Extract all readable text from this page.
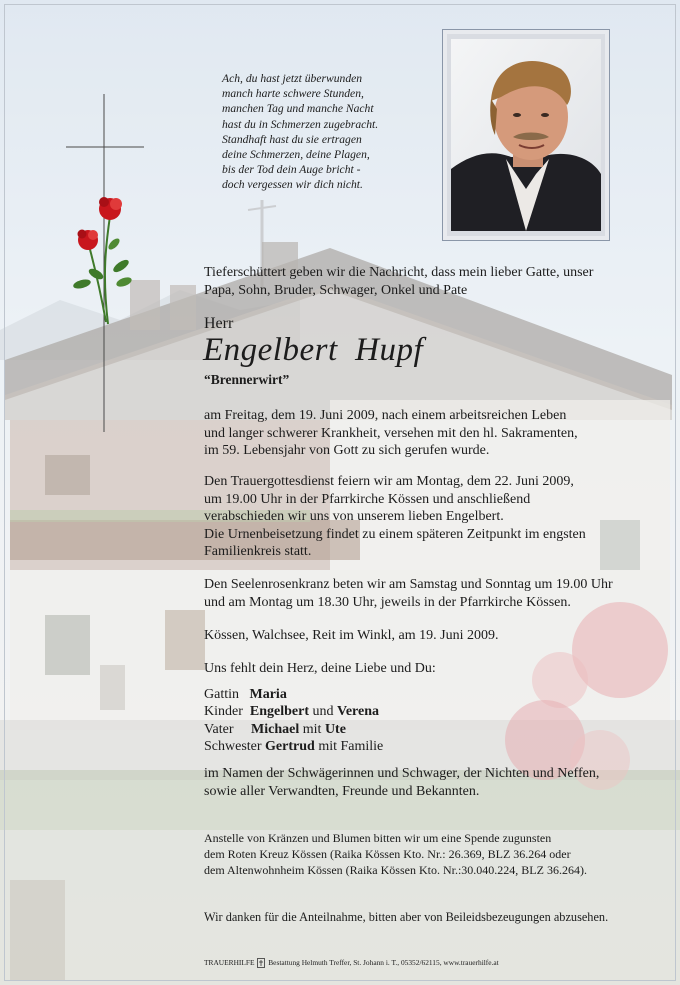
Ach, du hast jetzt überwunden
manch harte schwere Stunden,
manchen Tag und manche Nacht
hast du in Schmerzen zugebracht.
Standhaft hast du sie ertragen
deine Schmerzen, deine Plagen,
bis der Tod dein Auge bricht -
doch vergessen wir dich nicht.
Tieferschüttert geben wir die Nachricht, dass mein lieber Gatte, unser
Papa, Sohn, Bruder, Schwager, Onkel und Pate
Herr
Engelbert  Hupf
“Brennerwirt”
am Freitag, dem 19. Juni 2009, nach einem arbeitsreichen Leben
und langer schwerer Krankheit, versehen mit den hl. Sakramenten,
im 59. Lebensjahr von Gott zu sich gerufen wurde.
Den Trauergottesdienst feiern wir am Montag, dem 22. Juni 2009,
um 19.00 Uhr in der Pfarrkirche Kössen und anschließend
verabschieden wir uns von unserem lieben Engelbert.
Die Urnenbeisetzung findet zu einem späteren Zeitpunkt im engsten
Familienkreis statt.
Den Seelenrosenkranz beten wir am Samstag und Sonntag um 19.00 Uhr
und am Montag um 18.30 Uhr, jeweils in der Pfarrkirche Kössen.
Kössen, Walchsee, Reit im Winkl, am 19. Juni 2009.
Uns fehlt dein Herz, deine Liebe und Du:
Gattin Maria
Kinder Engelbert und Verena
Vater Michael mit Ute
Schwester Gertrud mit Familie
im Namen der Schwägerinnen und Schwager, der Nichten und Neffen,
sowie aller Verwandten, Freunde und Bekannten.
Anstelle von Kränzen und Blumen bitten wir um eine Spende zugunsten
dem Roten Kreuz Kössen (Raika Kössen Kto. Nr.: 26.369, BLZ 36.264 oder
dem Altenwohnheim Kössen (Raika Kössen Kto. Nr.:30.040.224, BLZ 36.264).
Wir danken für die Anteilnahme, bitten aber von Beileidsbezeugungen abzusehen.
TRAUERHILFE Bestattung Helmuth Treffer, St. Johann i. T., 05352/62115, www.trauerhilfe.at
